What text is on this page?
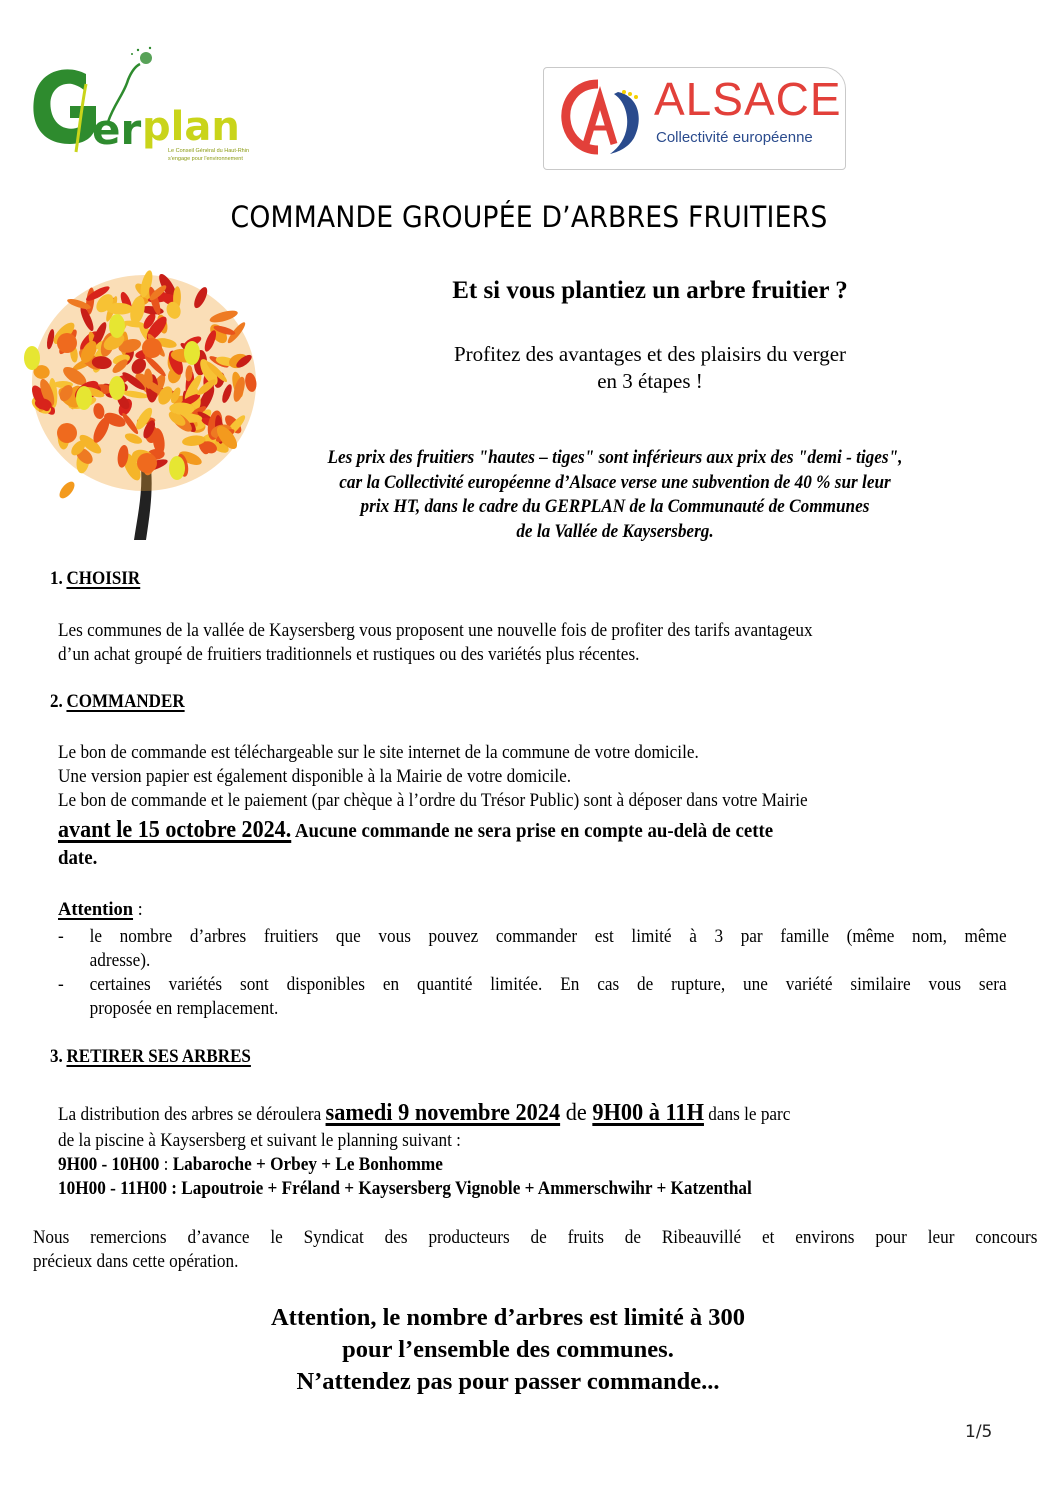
er plan
Le Conseil Général du Haut-Rhin
s'engage pour l'environnement
ALSACE
Collectivité européenne
COMMANDE GROUPÉE D’ARBRES FRUITIERS
Et si vous plantiez un arbre fruitier ?
Profitez des avantages et des plaisirs du verger
en 3 étapes !
Les prix des fruitiers "hautes – tiges" sont inférieurs aux prix des "demi - tiges",
car la Collectivité européenne d’Alsace verse une subvention de 40 % sur leur
prix HT, dans le cadre du GERPLAN de la Communauté de Communes
de la Vallée de Kaysersberg.
1. CHOISIR
Les communes de la vallée de Kaysersberg vous proposent une nouvelle fois de profiter des tarifs avantageux
d’un achat groupé de fruitiers traditionnels et rustiques ou des variétés plus récentes.
2. COMMANDER
Le bon de commande est téléchargeable sur le site internet de la commune de votre domicile.
Une version papier est également disponible à la Mairie de votre domicile.
Le bon de commande et le paiement (par chèque à l’ordre du Trésor Public) sont à déposer dans votre Mairie
avant le 15 octobre 2024. Aucune commande ne sera prise en compte au-delà de cette
date.
Attention :
- le nombre d’arbres fruitiers que vous pouvez commander est limité à 3 par famille (même nom, même
adresse).
- certaines variétés sont disponibles en quantité limitée. En cas de rupture, une variété similaire vous sera
proposée en remplacement.
3. RETIRER SES ARBRES
La distribution des arbres se déroulera samedi 9 novembre 2024 de 9H00 à 11H dans le parc
de la piscine à Kaysersberg et suivant le planning suivant :
9H00 - 10H00 : Labaroche + Orbey + Le Bonhomme
10H00 - 11H00 : Lapoutroie + Fréland + Kaysersberg Vignoble + Ammerschwihr + Katzenthal
Nous remercions d’avance le Syndicat des producteurs de fruits de Ribeauvillé et environs pour leur concours
précieux dans cette opération.
Attention, le nombre d’arbres est limité à 300
pour l’ensemble des communes.
N’attendez pas pour passer commande...
1/5
